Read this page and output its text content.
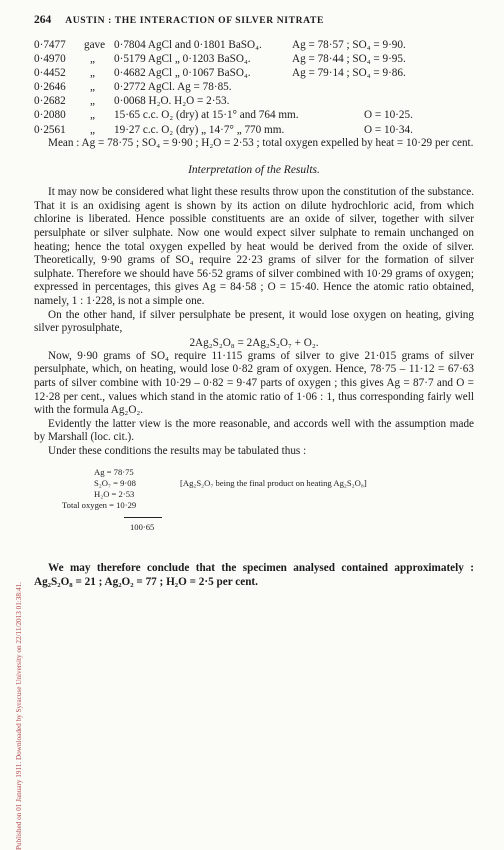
Published on 01 January 1911. Downloaded by Syracuse University on 22/11/2013 01:38:41.
264 AUSTIN : THE INTERACTION OF SILVER NITRATE
0·7477 gave 0·7804 AgCl and 0·1801 BaSO₄.	Ag = 78·57 ; SO₄ = 9·90.
0·4970 „ 0·5179 AgCl „ 0·1203 BaSO₄.	Ag = 78·44 ; SO₄ = 9·95.
0·4452 „ 0·4682 AgCl „ 0·1067 BaSO₄.	Ag = 79·14 ; SO₄ = 9·86.
0·2646 „ 0·2772 AgCl. Ag = 78·85.
0·2682 „ 0·0068 H₂O. H₂O = 2·53.
0·2080 „ 15·65 c.c. O₂ (dry) at 15·1° and 764 mm.	O = 10·25.
0·2561 „ 19·27 c.c. O₂ (dry) „ 14·7° „ 770 mm.	O = 10·34.
Mean : Ag = 78·75 ; SO₄ = 9·90 ; H₂O = 2·53 ; total oxygen expelled by heat = 10·29 per cent.
Interpretation of the Results.
It may now be considered what light these results throw upon the constitution of the substance. That it is an oxidising agent is shown by its action on dilute hydrochloric acid, from which chlorine is liberated. Hence possible constituents are an oxide of silver, together with silver persulphate or silver sulphate. Now one would expect silver sulphate to remain unchanged on heating; hence the total oxygen expelled by heat would be derived from the oxide of silver. Theoretically, 9·90 grams of SO₄ require 22·23 grams of silver for the formation of silver sulphate. Therefore we should have 56·52 grams of silver combined with 10·29 grams of oxygen; expressed in percentages, this gives Ag = 84·58 ; O = 15·40. Hence the atomic ratio obtained, namely, 1 : 1·228, is not a simple one.
On the other hand, if silver persulphate be present, it would lose oxygen on heating, giving silver pyrosulphate,
2Ag₂S₂O₈ = 2Ag₂S₂O₇ + O₂.
Now, 9·90 grams of SO₄ require 11·115 grams of silver to give 21·015 grams of silver persulphate, which, on heating, would lose 0·82 gram of oxygen. Hence, 78·75 – 11·12 = 67·63 parts of silver combine with 10·29 – 0·82 = 9·47 parts of oxygen ; this gives Ag = 87·7 and O = 12·28 per cent., values which stand in the atomic ratio of 1·06 : 1, thus corresponding fairly well with the formula Ag₂O₂.
Evidently the latter view is the more reasonable, and accords well with the assumption made by Marshall (loc. cit.).
Under these conditions the results may be tabulated thus :
Ag = 78·75
S₂O₇ = 9·08	[Ag₂S₂O₇ being the final product on heating Ag₂S₂O₈]
H₂O = 2·53
Total oxygen = 10·29
100·65
We may therefore conclude that the specimen analysed contained approximately : Ag₂S₂O₈ = 21 ; Ag₂O₂ = 77 ; H₂O = 2·5 per cent.
